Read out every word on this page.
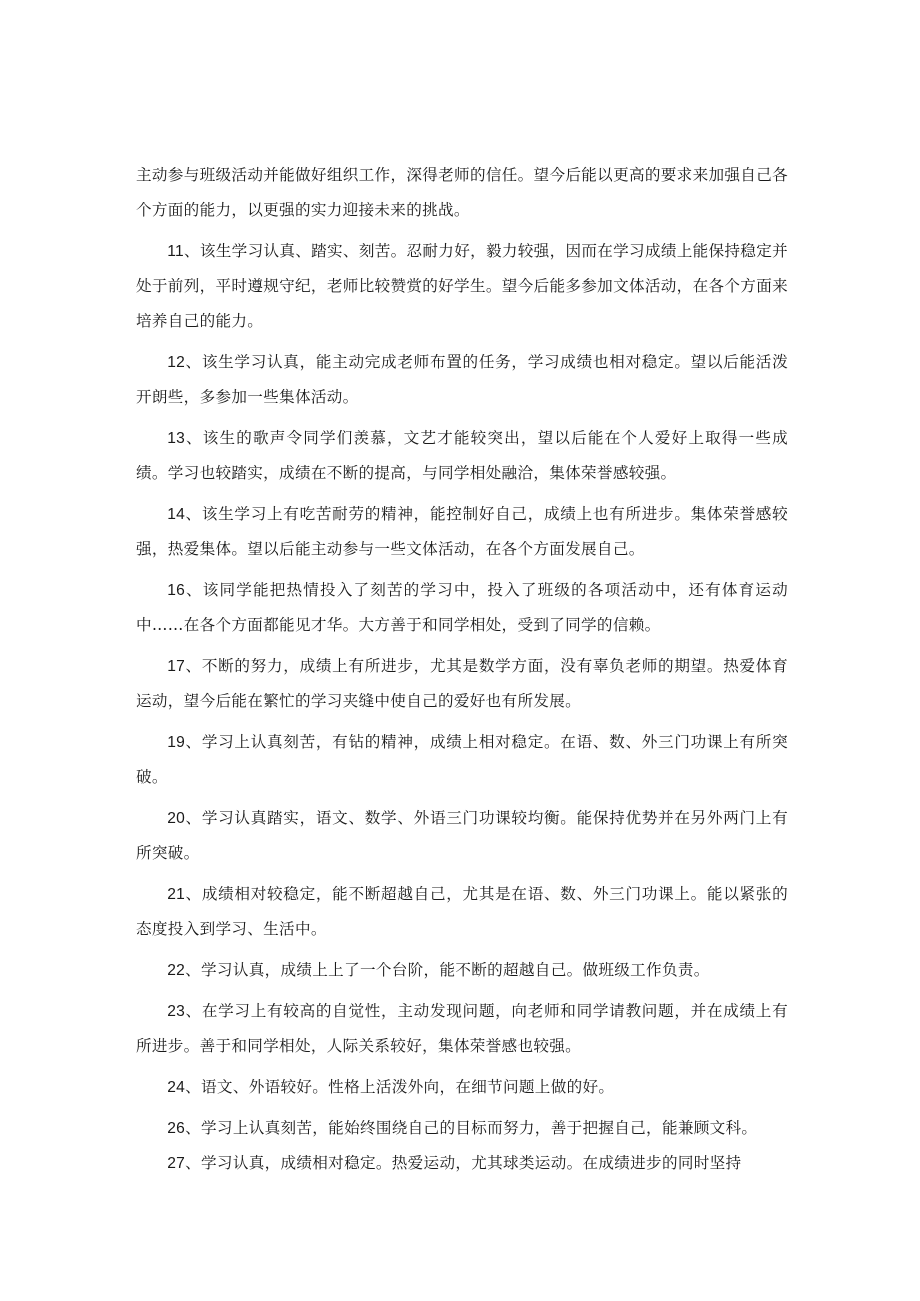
主动参与班级活动并能做好组织工作，深得老师的信任。望今后能以更高的要求来加强自己各个方面的能力，以更强的实力迎接未来的挑战。

11、该生学习认真、踏实、刻苦。忍耐力好，毅力较强，因而在学习成绩上能保持稳定并处于前列，平时遵规守纪，老师比较赞赏的好学生。望今后能多参加文体活动，在各个方面来培养自己的能力。

12、该生学习认真，能主动完成老师布置的任务，学习成绩也相对稳定。望以后能活泼开朗些，多参加一些集体活动。

13、该生的歌声令同学们羡慕，文艺才能较突出，望以后能在个人爱好上取得一些成绩。学习也较踏实，成绩在不断的提高，与同学相处融洽，集体荣誉感较强。

14、该生学习上有吃苦耐劳的精神，能控制好自己，成绩上也有所进步。集体荣誉感较强，热爱集体。望以后能主动参与一些文体活动，在各个方面发展自己。

16、该同学能把热情投入了刻苦的学习中，投入了班级的各项活动中，还有体育运动中……在各个方面都能见才华。大方善于和同学相处，受到了同学的信赖。

17、不断的努力，成绩上有所进步，尤其是数学方面，没有辜负老师的期望。热爱体育运动，望今后能在繁忙的学习夹缝中使自己的爱好也有所发展。

19、学习上认真刻苦，有钻的精神，成绩上相对稳定。在语、数、外三门功课上有所突破。

20、学习认真踏实，语文、数学、外语三门功课较均衡。能保持优势并在另外两门上有所突破。

21、成绩相对较稳定，能不断超越自己，尤其是在语、数、外三门功课上。能以紧张的态度投入到学习、生活中。

22、学习认真，成绩上上了一个台阶，能不断的超越自己。做班级工作负责。

23、在学习上有较高的自觉性，主动发现问题，向老师和同学请教问题，并在成绩上有所进步。善于和同学相处，人际关系较好，集体荣誉感也较强。

24、语文、外语较好。性格上活泼外向，在细节问题上做的好。

26、学习上认真刻苦，能始终围绕自己的目标而努力，善于把握自己，能兼顾文科。

27、学习认真，成绩相对稳定。热爱运动，尤其球类运动。在成绩进步的同时坚持
